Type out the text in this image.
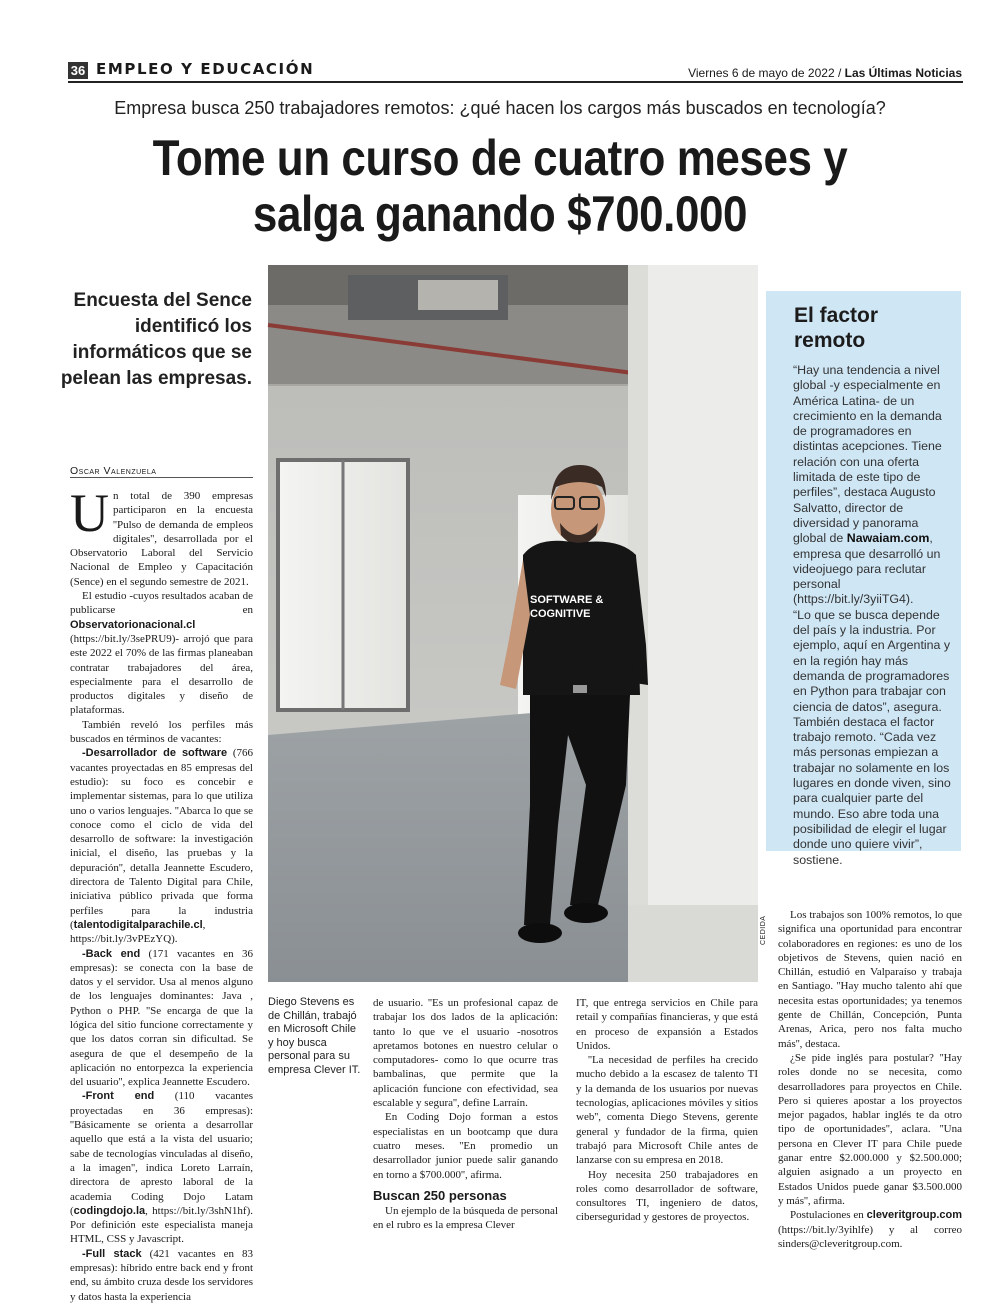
36 EMPLEO Y EDUCACIÓN	Viernes 6 de mayo de 2022 / Las Últimas Noticias
Empresa busca 250 trabajadores remotos: ¿qué hacen los cargos más buscados en tecnología?
Tome un curso de cuatro meses y
salga ganando $700.000
Encuesta del Sence identificó los informáticos que se pelean las empresas.
Oscar Valenzuela

Un total de 390 empresas participaron en la encuesta ''Pulso de demanda de empleos digitales'', desarrollada por el Observatorio Laboral del Servicio Nacional de Empleo y Capacitación (Sence) en el segundo semestre de 2021.

El estudio -cuyos resultados acaban de publicarse en Observatorionacional.cl (https://bit.ly/3sePRU9)- arrojó que para este 2022 el 70% de las firmas planeaban contratar trabajadores del área, especialmente para el desarrollo de productos digitales y diseño de plataformas.

También reveló los perfiles más buscados en términos de vacantes:

-Desarrollador de software (766 vacantes proyectadas en 85 empresas del estudio): su foco es concebir e implementar sistemas, para lo que utiliza uno o varios lenguajes. ''Abarca lo que se conoce como el ciclo de vida del desarrollo de software: la investigación inicial, el diseño, las pruebas y la depuración'', detalla Jeannette Escudero, directora de Talento Digital para Chile, iniciativa público privada que forma perfiles para la industria (talentodigitalparachile.cl, https://bit.ly/3vPEzYQ).

-Back end (171 vacantes en 36 empresas): se conecta con la base de datos y el servidor. Usa al menos alguno de los lenguajes dominantes: Java , Python o PHP. ''Se encarga de que la lógica del sitio funcione correctamente y que los datos corran sin dificultad. Se asegura de que el desempeño de la aplicación no entorpezca la experiencia del usuario'', explica Jeannette Escudero.

-Front end (110 vacantes proyectadas en 36 empresas): ''Básicamente se orienta a desarrollar aquello que está a la vista del usuario; sabe de tecnologías vinculadas al diseño, a la imagen'', indica Loreto Larraín, directora de apresto laboral de la academia Coding Dojo Latam (codingdojo.la, https://bit.ly/3shN1hf). Por definición este especialista maneja HTML, CSS y Javascript.

-Full stack (421 vacantes en 83 empresas): híbrido entre back end y front end, su ámbito cruza desde los servidores y datos hasta la experiencia

SOFTWARE &
COGNITIVE
CEDIDA
El factor remoto
“Hay una tendencia a nivel global -y especialmente en América Latina- de un crecimiento en la demanda de programadores en distintas acepciones. Tiene relación con una oferta limitada de este tipo de perfiles”, destaca Augusto Salvatto, director de diversidad y panorama global de Nawaiam.com, empresa que desarrolló un videojuego para reclutar personal (https://bit.ly/3yiiTG4).
“Lo que se busca depende del país y la industria. Por ejemplo, aquí en Argentina y en la región hay más demanda de programadores en Python para trabajar con ciencia de datos”, asegura.
También destaca el factor trabajo remoto. “Cada vez más personas empiezan a trabajar no solamente en los lugares en donde viven, sino para cualquier parte del mundo. Eso abre toda una posibilidad de elegir el lugar donde uno quiere vivir”, sostiene.
Diego Stevens es de Chillán, trabajó en Microsoft Chile y hoy busca personal para su empresa Clever IT.

de usuario. ''Es un profesional capaz de trabajar los dos lados de la aplicación: tanto lo que ve el usuario -nosotros apretamos botones en nuestro celular o computadores- como lo que ocurre tras bambalinas, que permite que la aplicación funcione con efectividad, sea escalable y segura'', define Larraín.

En Coding Dojo forman a estos especialistas en un bootcamp que dura cuatro meses. ''En promedio un desarrollador junior puede salir ganando en torno a $700.000'', afirma.

Buscan 250 personas

Un ejemplo de la búsqueda de personal en el rubro es la empresa Clever

IT, que entrega servicios en Chile para retail y compañías financieras, y que está en proceso de expansión a Estados Unidos.

''La necesidad de perfiles ha crecido mucho debido a la escasez de talento TI y la demanda de los usuarios por nuevas tecnologías, aplicaciones móviles y sitios web'', comenta Diego Stevens, gerente general y fundador de la firma, quien trabajó para Microsoft Chile antes de lanzarse con su empresa en 2018.

Hoy necesita 250 trabajadores en roles como desarrollador de software, consultores TI, ingeniero de datos, ciberseguridad y gestores de proyectos.

Los trabajos son 100% remotos, lo que significa una oportunidad para encontrar colaboradores en regiones: es uno de los objetivos de Stevens, quien nació en Chillán, estudió en Valparaíso y trabaja en Santiago. ''Hay mucho talento ahí que necesita estas oportunidades; ya tenemos gente de Chillán, Concepción, Punta Arenas, Arica, pero nos falta mucho más'', destaca.

¿Se pide inglés para postular? ''Hay roles donde no se necesita, como desarrolladores para proyectos en Chile. Pero si quieres apostar a los proyectos mejor pagados, hablar inglés te da otro tipo de oportunidades'', aclara. ''Una persona en Clever IT para Chile puede ganar entre $2.000.000 y $2.500.000; alguien asignado a un proyecto en Estados Unidos puede ganar $3.500.000 y más'', afirma.

Postulaciones en cleveritgroup.com (https://bit.ly/3yihlfe) y al correo sinders@cleveritgroup.com.
